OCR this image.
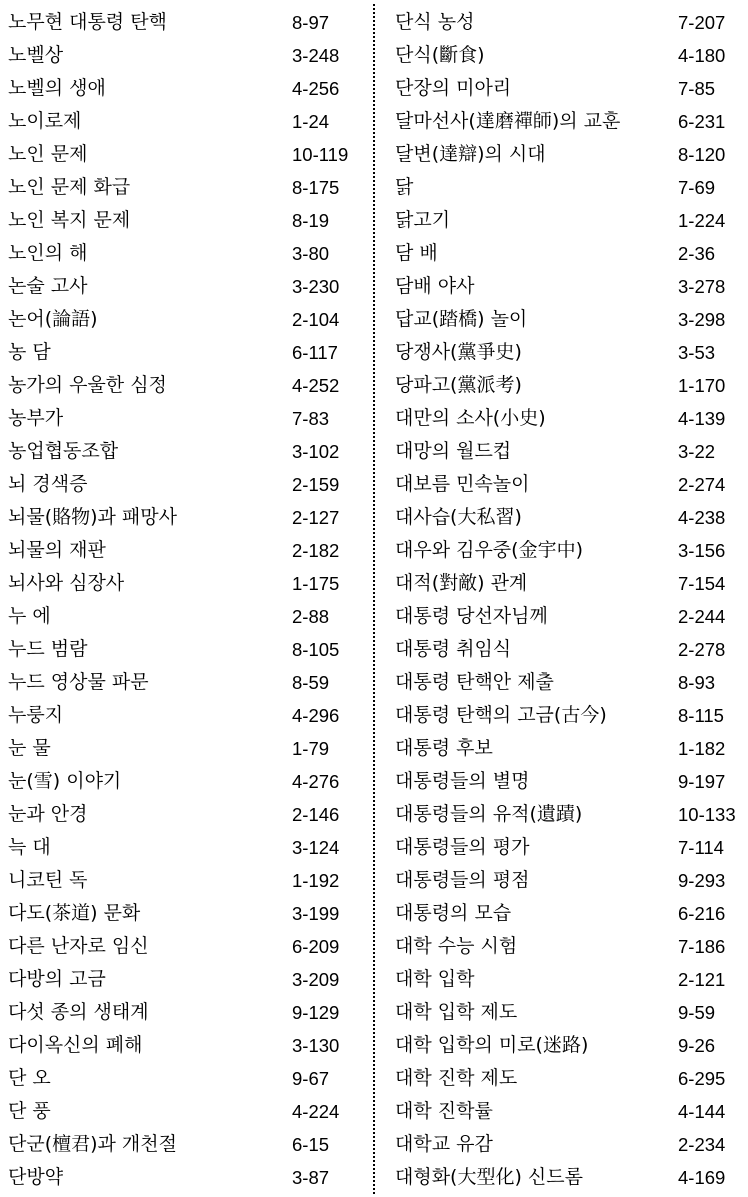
노무현 대통령 탄핵	8-97
노벨상	3-248
노벨의 생애	4-256
노이로제	1-24
노인 문제	10-119
노인 문제 화급	8-175
노인 복지 문제	8-19
노인의 해	3-80
논술 고사	3-230
논어(論語)	2-104
농 담	6-117
농가의 우울한 심정	4-252
농부가	7-83
농업협동조합	3-102
뇌 경색증	2-159
뇌물(賂物)과 패망사	2-127
뇌물의 재판	2-182
뇌사와 심장사	1-175
누 에	2-88
누드 범람	8-105
누드 영상물 파문	8-59
누룽지	4-296
눈 물	1-79
눈(雪) 이야기	4-276
눈과 안경	2-146
늑 대	3-124
니코틴 독	1-192
다도(茶道) 문화	3-199
다른 난자로 임신	6-209
다방의 고금	3-209
다섯 종의 생태계	9-129
다이옥신의 폐해	3-130
단 오	9-67
단 풍	4-224
단군(檀君)과 개천절	6-15
단방약	3-87
단식 농성	7-207
단식(斷食)	4-180
단장의 미아리	7-85
달마선사(達磨禪師)의 교훈	6-231
달변(達辯)의 시대	8-120
닭	7-69
닭고기	1-224
담 배	2-36
담배 야사	3-278
답교(踏橋) 놀이	3-298
당쟁사(黨爭史)	3-53
당파고(黨派考)	1-170
대만의 소사(小史)	4-139
대망의 월드컵	3-22
대보름 민속놀이	2-274
대사습(大私習)	4-238
대우와 김우중(金宇中)	3-156
대적(對敵) 관계	7-154
대통령 당선자님께	2-244
대통령 취임식	2-278
대통령 탄핵안 제출	8-93
대통령 탄핵의 고금(古今)	8-115
대통령 후보	1-182
대통령들의 별명	9-197
대통령들의 유적(遺蹟)	10-133
대통령들의 평가	7-114
대통령들의 평점	9-293
대통령의 모습	6-216
대학 수능 시험	7-186
대학 입학	2-121
대학 입학 제도	9-59
대학 입학의 미로(迷路)	9-26
대학 진학 제도	6-295
대학 진학률	4-144
대학교 유감	2-234
대형화(大型化) 신드롬	4-169
